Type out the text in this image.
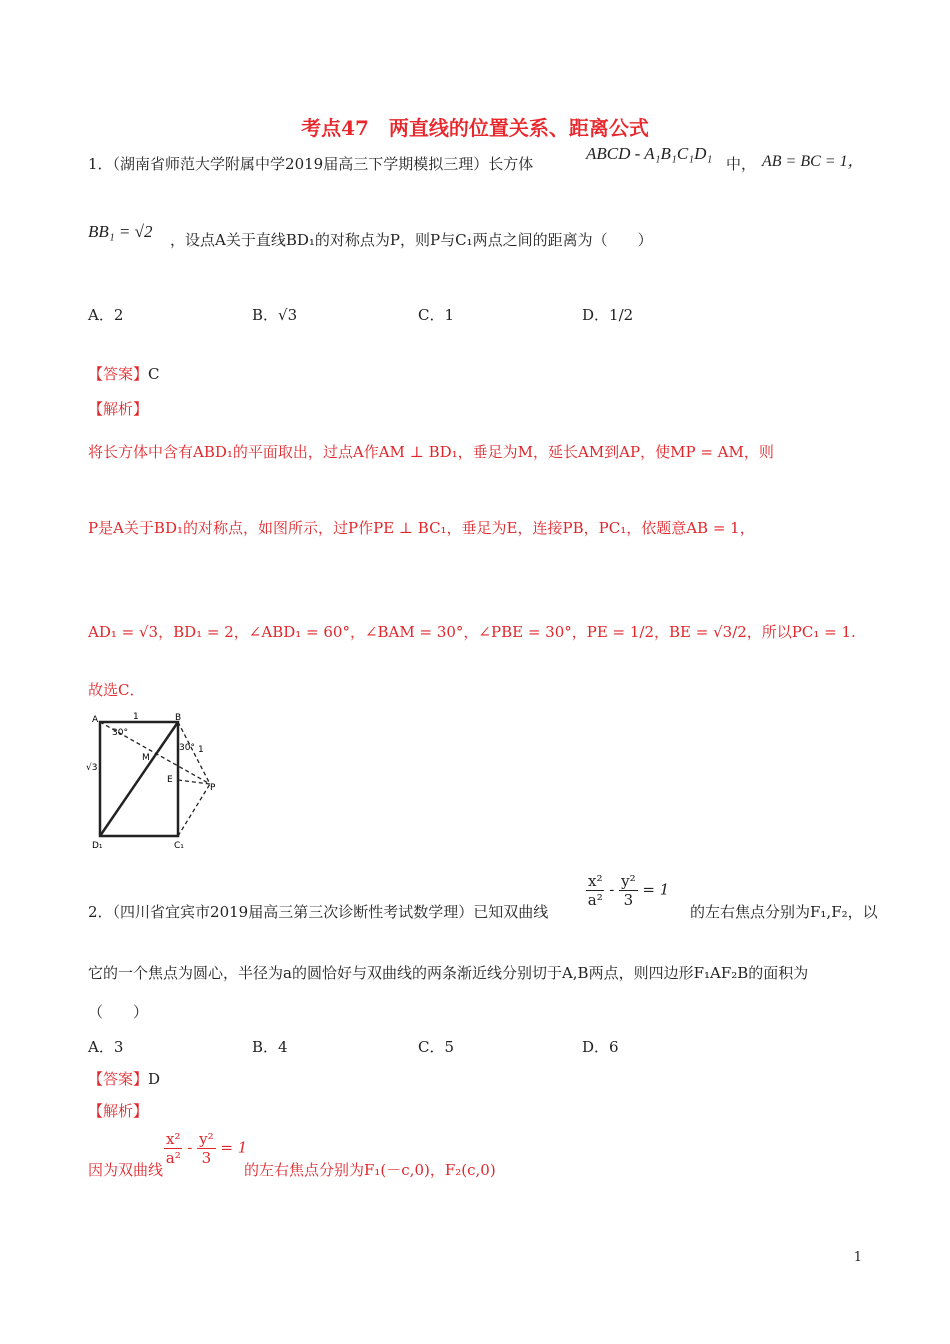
考点47　两直线的位置关系、距离公式
1．（湖南省师范大学附属中学2019届高三下学期模拟三理）长方体
ABCD - A₁B₁C₁D₁
中， AB = BC = 1，
BB₁ = √2 ，设点A关于直线BD₁的对称点为P，则P与C₁两点之间的距离为（　　）
A．2	B．√3	C．1	D．1/2
【答案】C
【解析】
将长方体中含有ABD₁的平面取出，过点A作AM ⊥ BD₁，垂足为M，延长AM到AP，使MP = AM，则
P是A关于BD₁的对称点，如图所示，过P作PE ⊥ BC₁，垂足为E，连接PB，PC₁，依题意AB = 1，
AD₁ = √3，BD₁ = 2，∠ABD₁ = 60°，∠BAM = 30°，∠PBE = 30°，PE = 1/2，BE = √3/2，所以PC₁ = 1.
故选C．
A	B
1
30°
30° 1
M
E
P
√3
D₁	C₁
2．（四川省宜宾市2019届高三第三次诊断性考试数学理）已知双曲线
$\frac{\text{x²}}{\text{a²}} - \frac{\text{y²}}{3} = 1$
的左右焦点分别为F₁,F₂，以
它的一个焦点为圆心，半径为a的圆恰好与双曲线的两条渐近线分别切于A,B两点，则四边形F₁AF₂B的面积为
（　　）
A．3	B．4	C．5	D．6
【答案】D
【解析】
因为双曲线
$\frac{\text{x²}}{\text{a²}} - \frac{\text{y²}}{3} = 1$
的左右焦点分别为F₁(－c,0)，F₂(c,0)
1
